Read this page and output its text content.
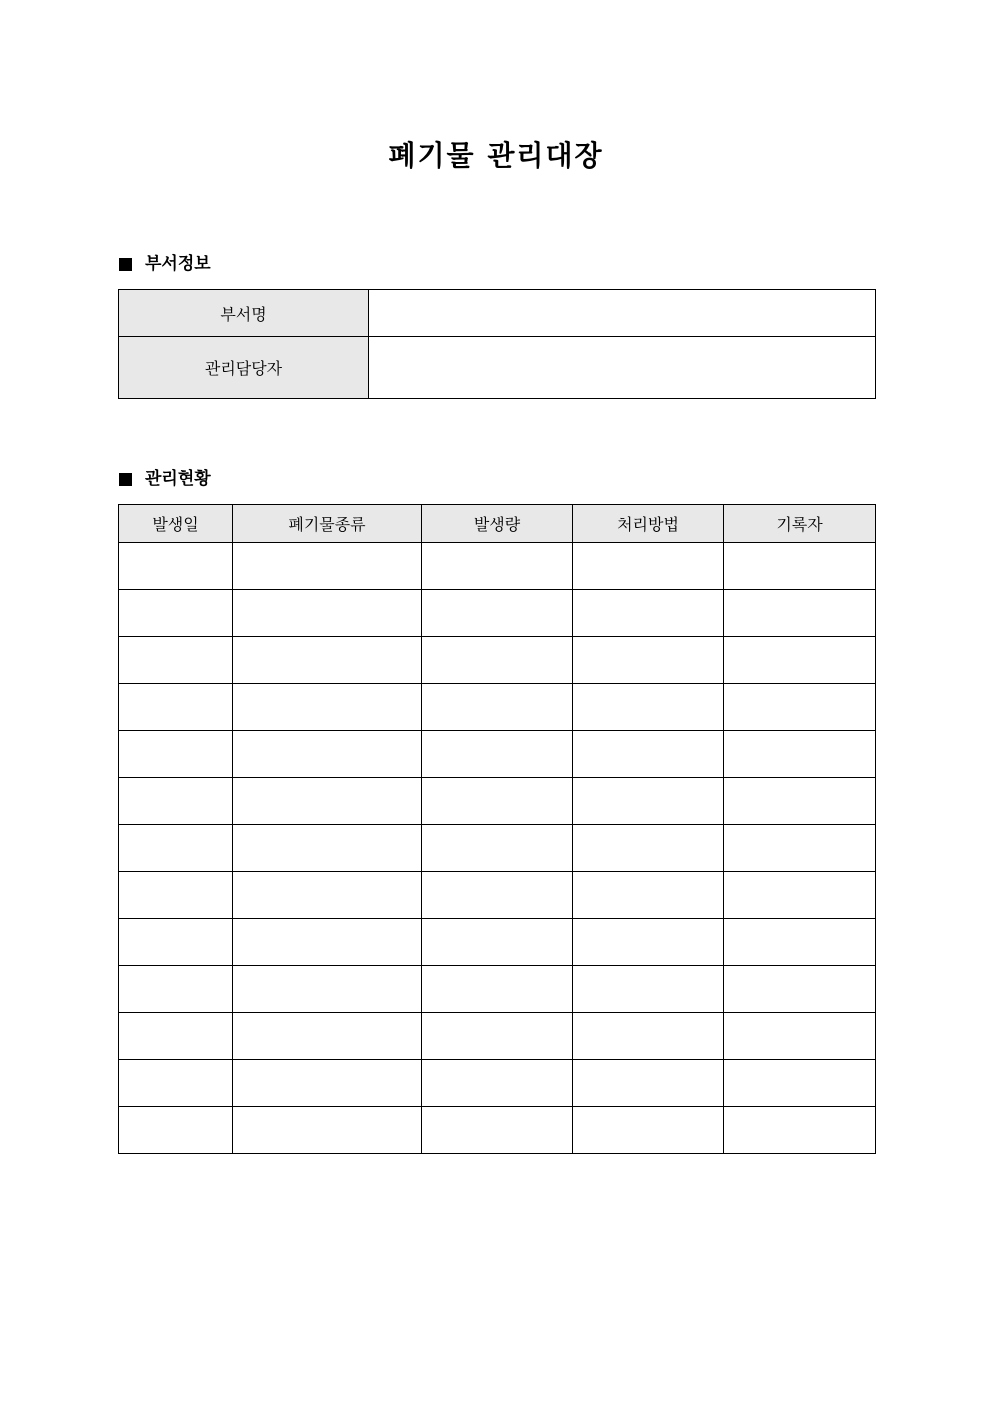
폐기물 관리대장
부서정보
부서명	
관리담당자	
관리현황
발생일	폐기물종류	발생량	처리방법	기록자
